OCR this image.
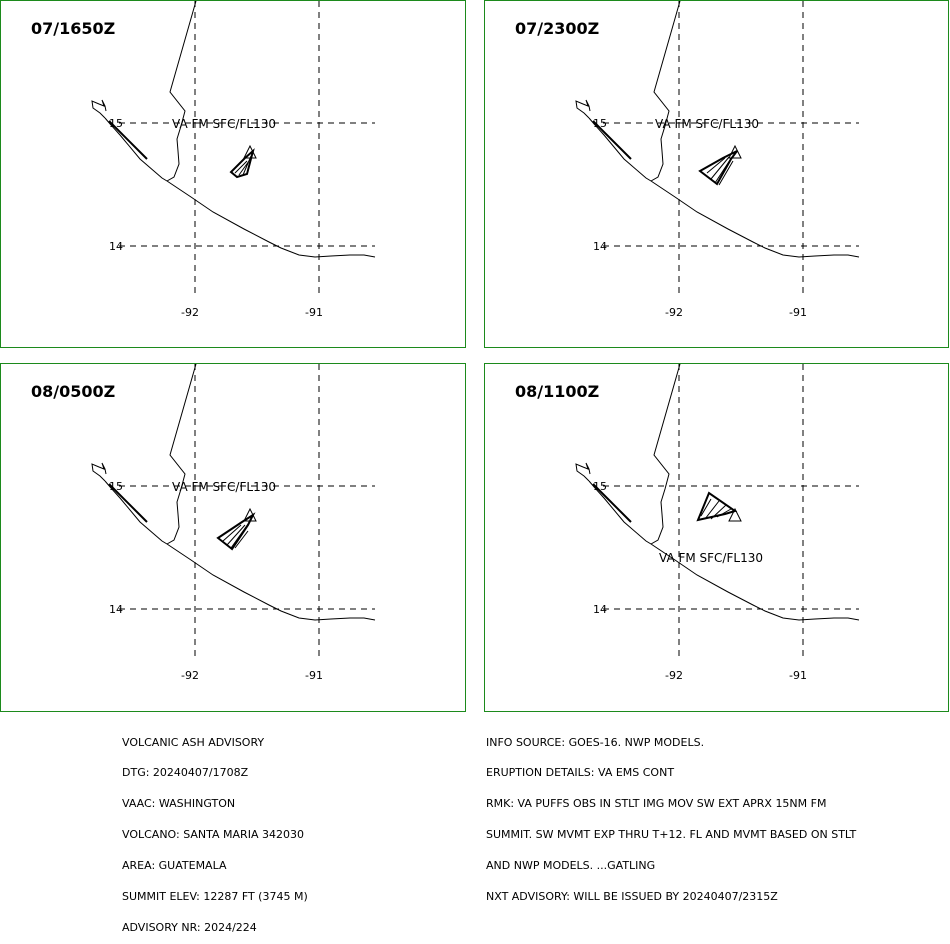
15
14
-92	-91
VA FM SFC/FL130
07/1650Z
15
14
-92	-91
VA FM SFC/FL130
07/2300Z
15
14
-92	-91
VA FM SFC/FL130
08/0500Z
15
14
-92	-91
VA FM SFC/FL130
08/1100Z

VOLCANIC ASH ADVISORY

DTG: 20240407/1708Z

VAAC: WASHINGTON

VOLCANO: SANTA MARIA 342030

AREA: GUATEMALA

SUMMIT ELEV: 12287 FT (3745 M)

ADVISORY NR: 2024/224

INFO SOURCE: GOES-16. NWP MODELS.

ERUPTION DETAILS: VA EMS CONT

RMK: VA PUFFS OBS IN STLT IMG MOV SW EXT APRX 15NM FM

SUMMIT. SW MVMT EXP THRU T+12. FL AND MVMT BASED ON STLT

AND NWP MODELS. ...GATLING

NXT ADVISORY: WILL BE ISSUED BY 20240407/2315Z
